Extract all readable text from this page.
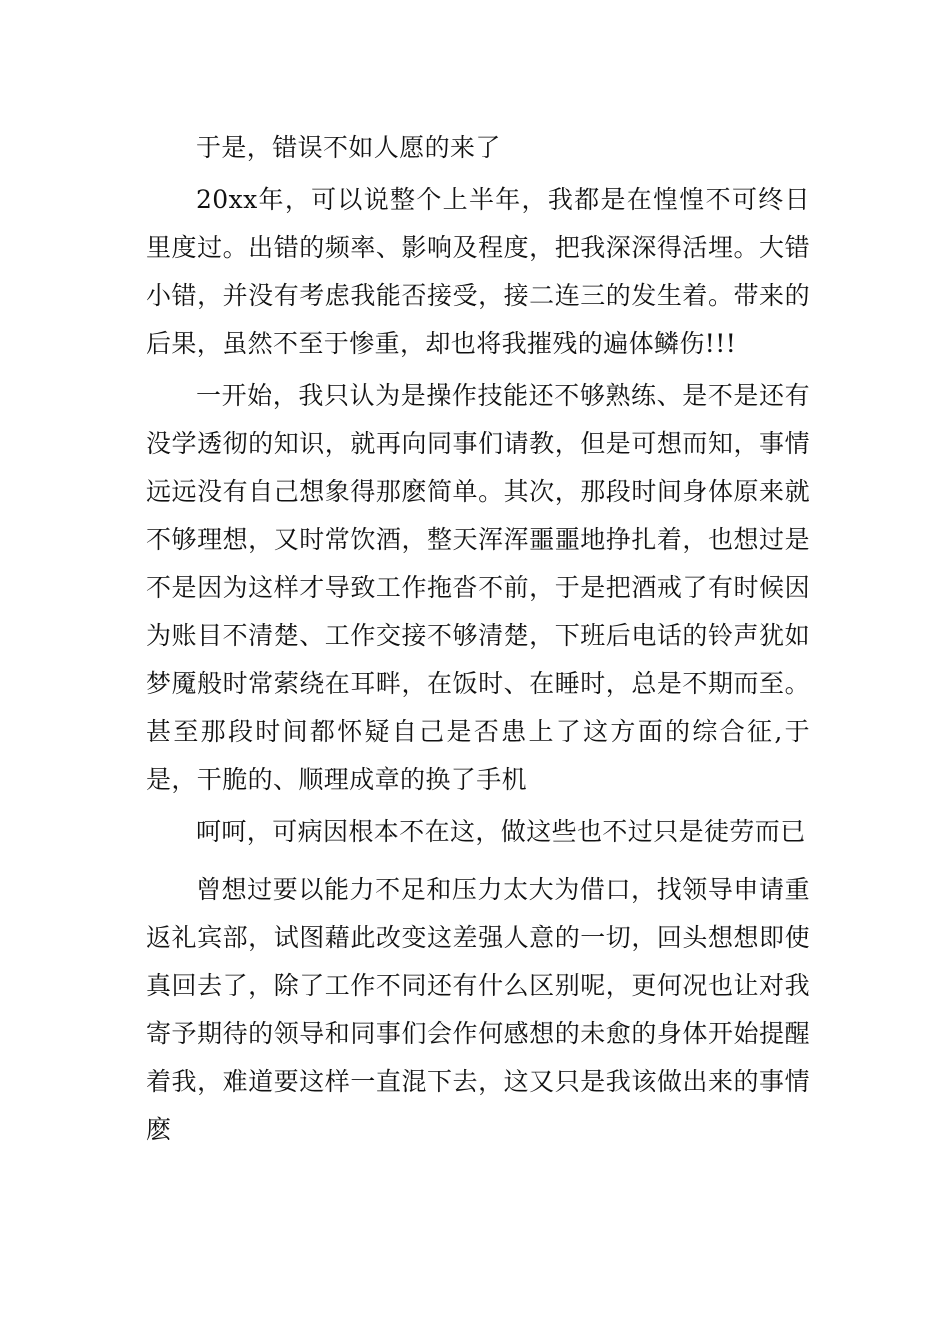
于是，错误不如人愿的来了

20xx年，可以说整个上半年，我都是在惶惶不可终日里度过。出错的频率、影响及程度，把我深深得活埋。大错小错，并没有考虑我能否接受，接二连三的发生着。带来的后果，虽然不至于惨重，却也将我摧残的遍体鳞伤!!!

一开始，我只认为是操作技能还不够熟练、是不是还有没学透彻的知识，就再向同事们请教，但是可想而知，事情远远没有自己想象得那麽简单。其次，那段时间身体原来就不够理想，又时常饮酒，整天浑浑噩噩地挣扎着，也想过是不是因为这样才导致工作拖沓不前，于是把酒戒了有时候因为账目不清楚、工作交接不够清楚，下班后电话的铃声犹如梦魇般时常萦绕在耳畔，在饭时、在睡时，总是不期而至。甚至那段时间都怀疑自己是否患上了这方面的综合征,于是，干脆的、顺理成章的换了手机

呵呵，可病因根本不在这，做这些也不过只是徒劳而已

曾想过要以能力不足和压力太大为借口，找领导申请重返礼宾部，试图藉此改变这差强人意的一切，回头想想即使真回去了，除了工作不同还有什么区别呢，更何况也让对我寄予期待的领导和同事们会作何感想的未愈的身体开始提醒着我，难道要这样一直混下去，这又只是我该做出来的事情麽
